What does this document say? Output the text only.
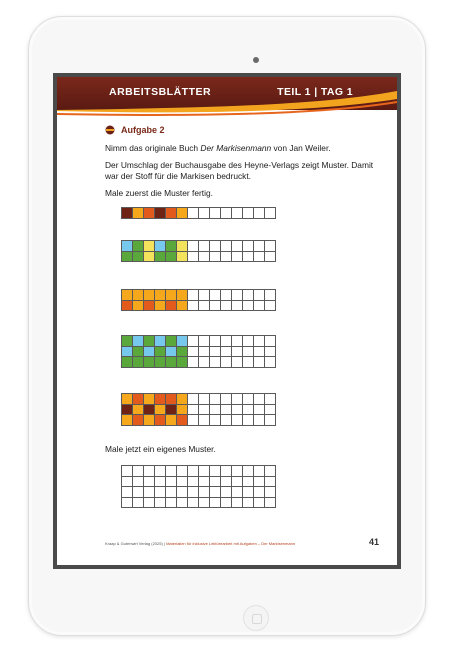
ARBEITSBLÄTTER	TEIL 1 | TAG 1
Aufgabe 2

Nimm das originale Buch Der Markisenmann von Jan Weiler.

Der Umschlag der Buchausgabe des Heyne-Verlags zeigt Muster. Damit war der Stoff für die Markisen bedruckt.

Male zuerst die Muster fertig.

Male jetzt ein eigenes Muster.
Kraap & Gutenwirt Verlag (2025) | Materialien für inklusive Lektürearbeit mit Aufgaben – Der Markisenmann	41
